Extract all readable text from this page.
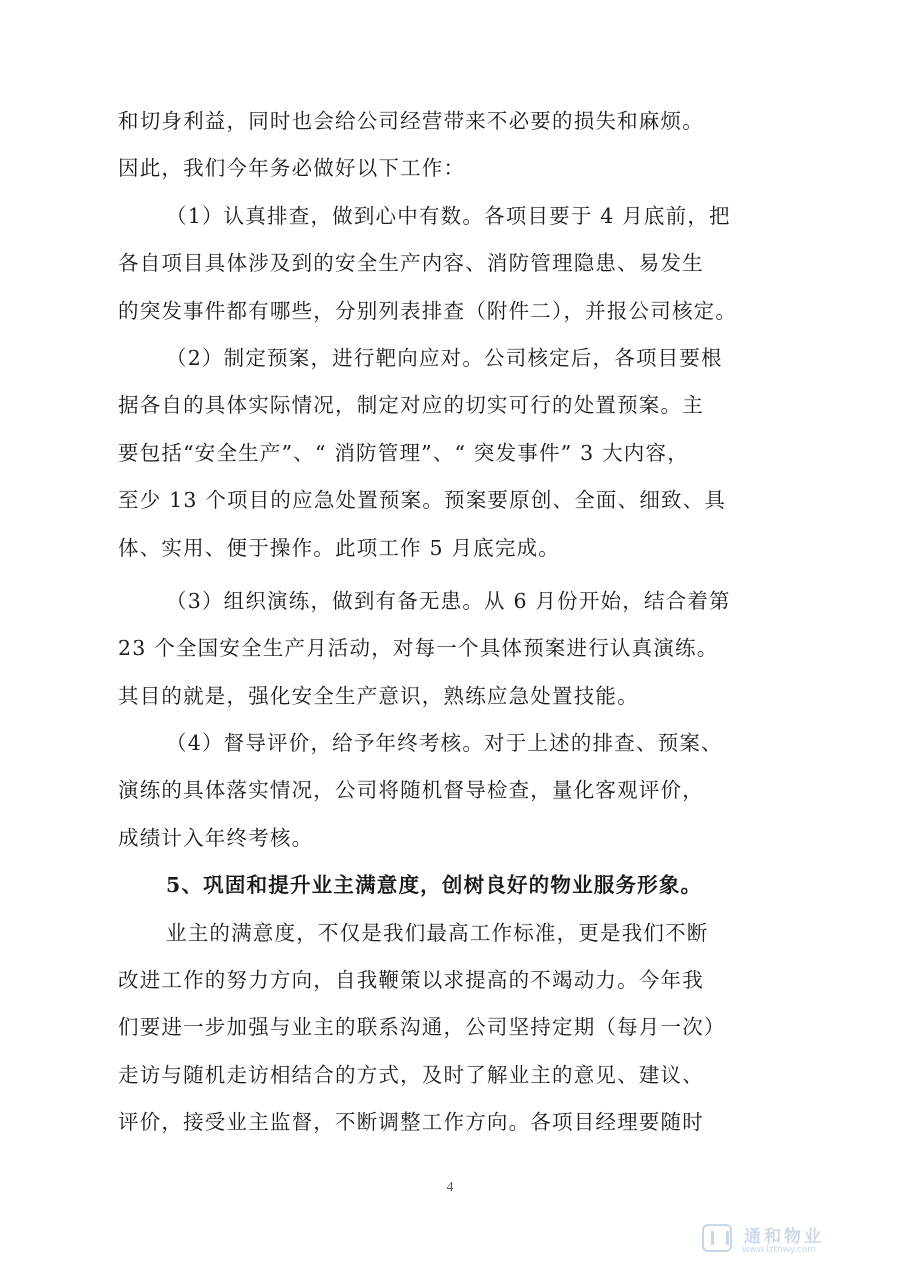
和切身利益，同时也会给公司经营带来不必要的损失和麻烦。
因此，我们今年务必做好以下工作：
（1）认真排查，做到心中有数。各项目要于 4 月底前，把
各自项目具体涉及到的安全生产内容、消防管理隐患、易发生
的突发事件都有哪些，分别列表排查（附件二），并报公司核定。
（2）制定预案，进行靶向应对。公司核定后，各项目要根
据各自的具体实际情况，制定对应的切实可行的处置预案。主
要包括“安全生产”、“ 消防管理”、“ 突发事件” 3 大内容，
至少 13 个项目的应急处置预案。预案要原创、全面、细致、具
体、实用、便于操作。此项工作 5 月底完成。
（3）组织演练，做到有备无患。从 6 月份开始，结合着第
23 个全国安全生产月活动，对每一个具体预案进行认真演练。
其目的就是，强化安全生产意识，熟练应急处置技能。
（4）督导评价，给予年终考核。对于上述的排查、预案、
演练的具体落实情况，公司将随机督导检查，量化客观评价，
成绩计入年终考核。
5、巩固和提升业主满意度，创树良好的物业服务形象。
业主的满意度，不仅是我们最高工作标准，更是我们不断
改进工作的努力方向，自我鞭策以求提高的不竭动力。今年我
们要进一步加强与业主的联系沟通，公司坚持定期（每月一次）
走访与随机走访相结合的方式，及时了解业主的意见、建议、
评价，接受业主监督，不断调整工作方向。各项目经理要随时
4
通和物业
www.lzthwy.com
